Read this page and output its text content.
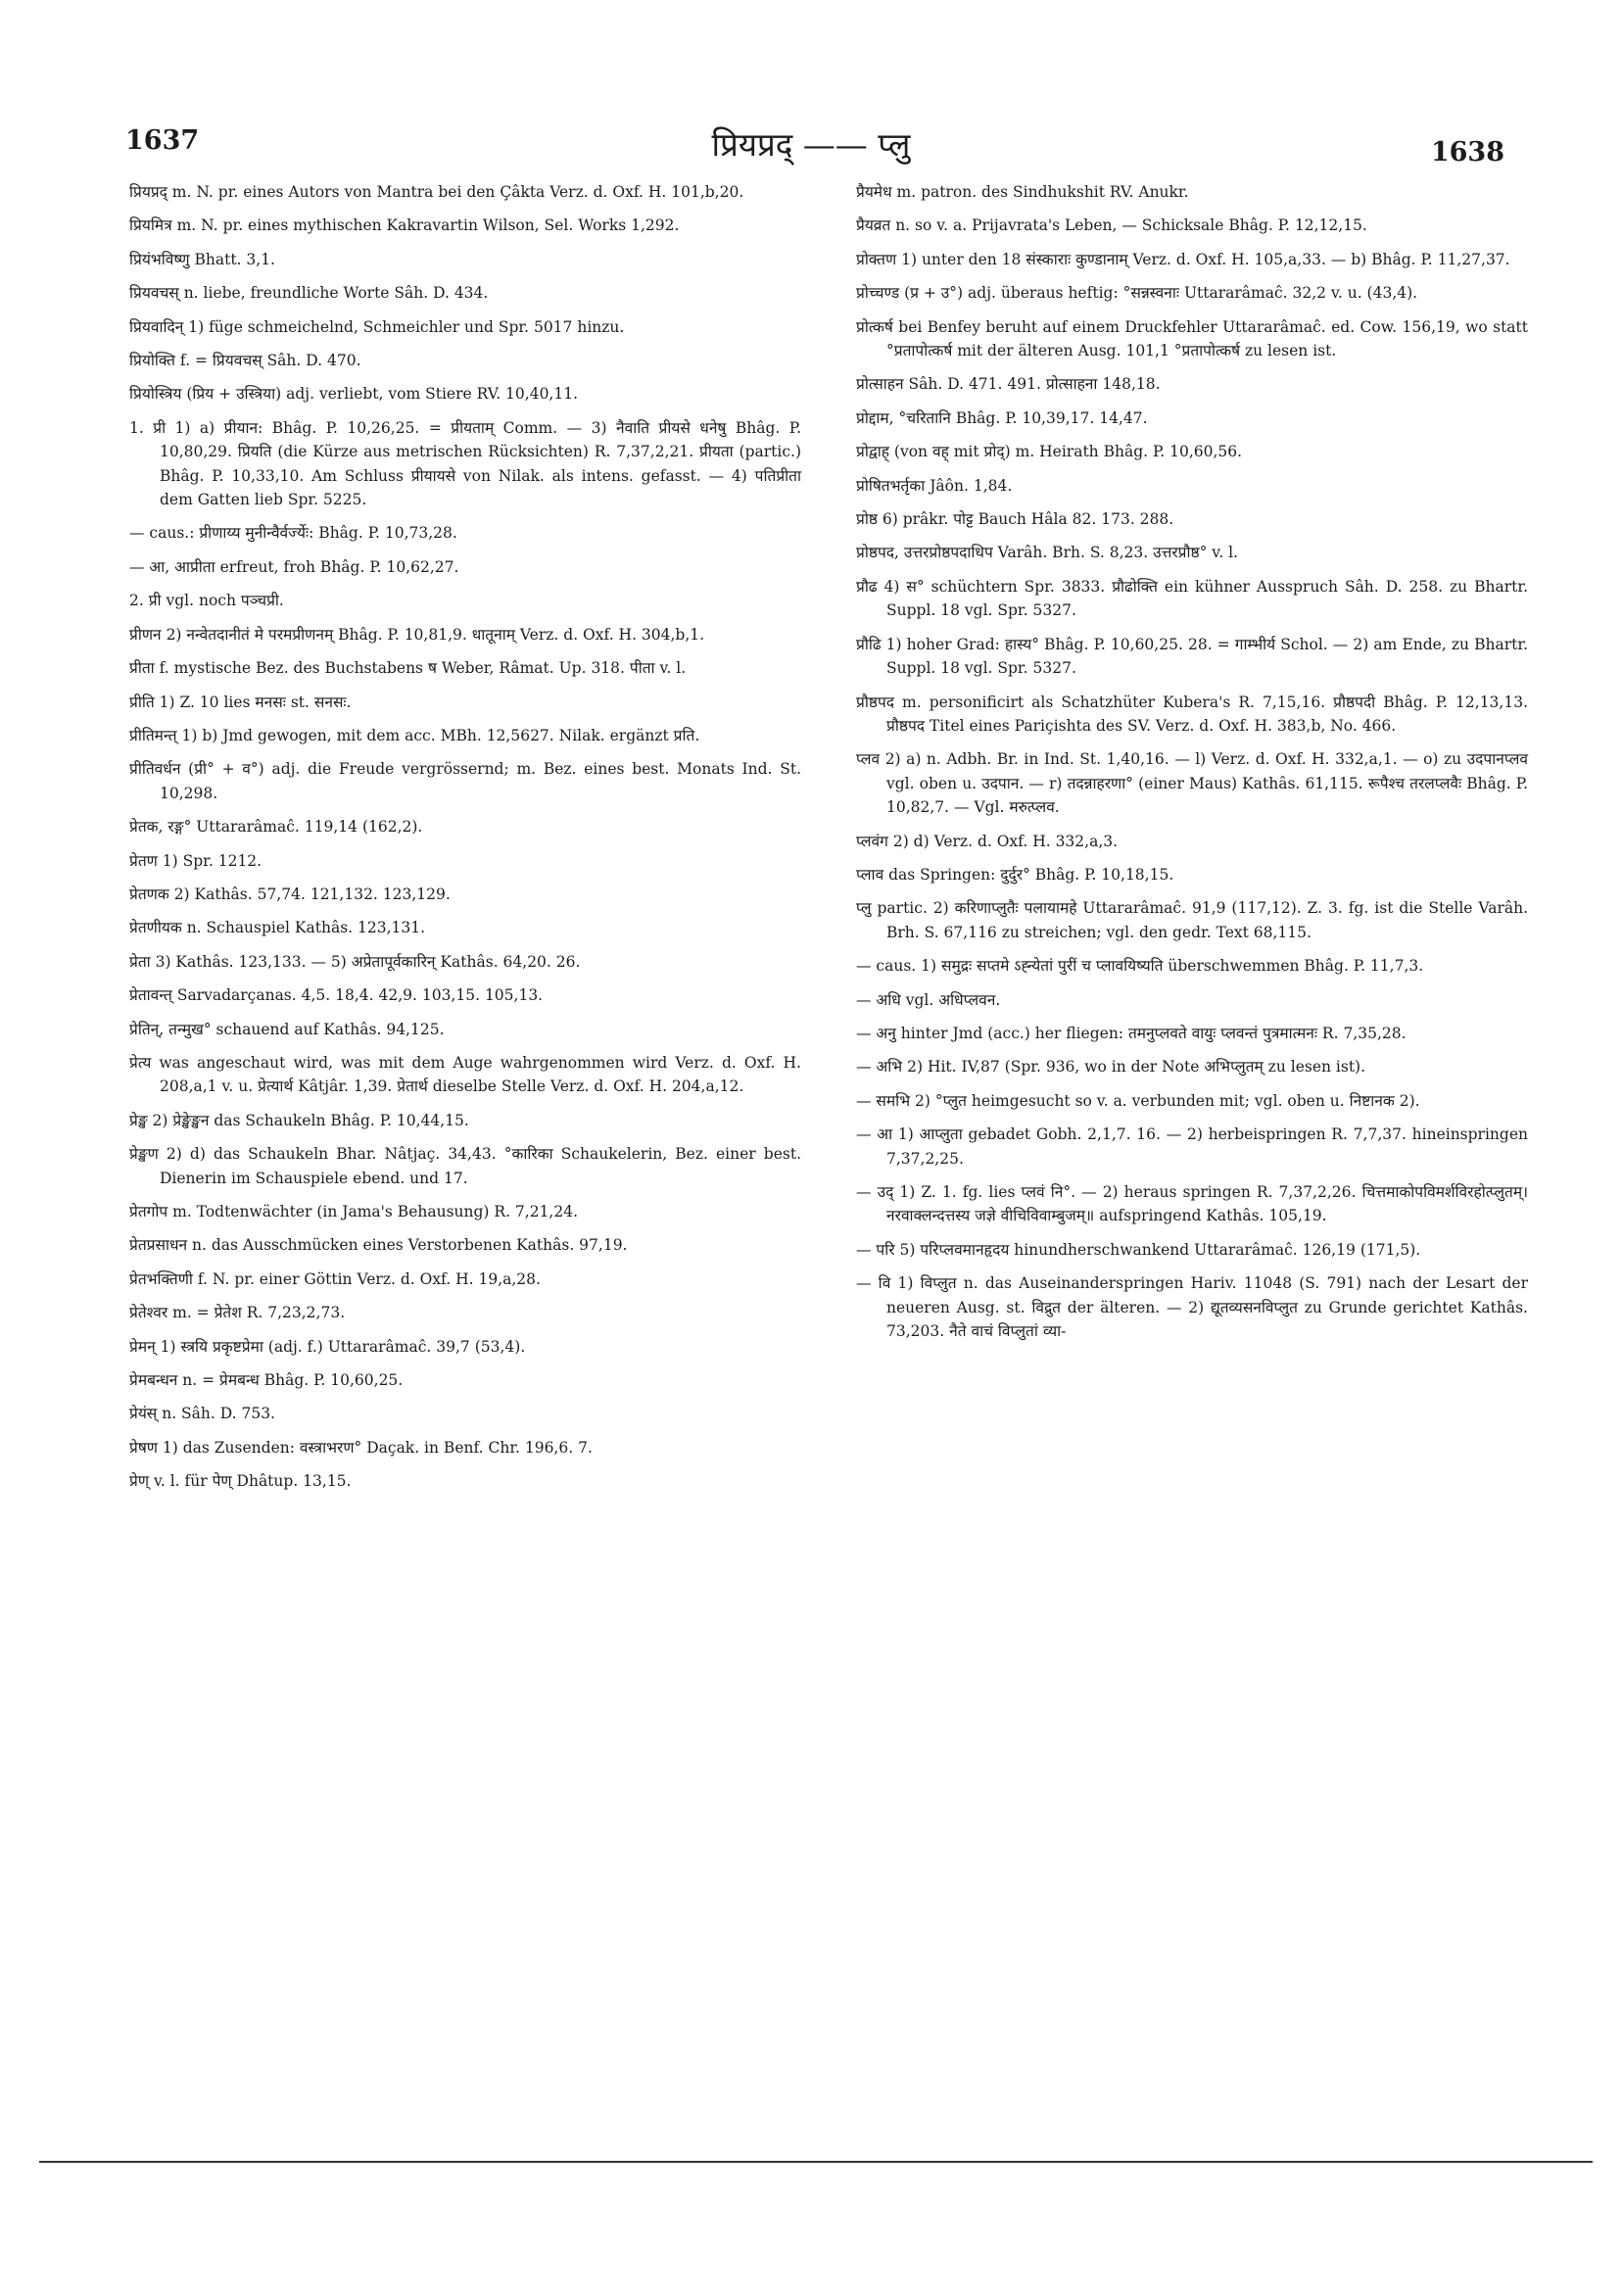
1637	प्रियप्रद् —— प्लु	1638

प्रियप्रद् m. N. pr. eines Autors von Mantra bei den Çâkta Verz. d. Oxf. H. 101,b,20.

प्रियमित्र m. N. pr. eines mythischen Kakravartin Wilson, Sel. Works 1,292.

प्रियंभविष्णु Bhatt. 3,1.

प्रियवचस् n. liebe, freundliche Worte Sâh. D. 434.

प्रियवादिन् 1) füge schmeichelnd, Schmeichler und Spr. 5017 hinzu.

प्रियोक्ति f. = प्रियवचस् Sâh. D. 470.

प्रियोस्त्रिय (प्रिय + उस्त्रिया) adj. verliebt, vom Stiere RV. 10,40,11.

1. प्री 1) a) प्रीयान: Bhâg. P. 10,26,25. = प्रीयताम् Comm. — 3) नैवाति प्रीयसे धनेषु Bhâg. P. 10,80,29. प्रियति (die Kürze aus metrischen Rücksichten) R. 7,37,2,21. प्रीयता (partic.) Bhâg. P. 10,33,10. Am Schluss प्रीयायसे von Nilak. als intens. gefasst. — 4) पतिप्रीता dem Gatten lieb Spr. 5225.

— caus.: प्रीणाय्य मुनीन्वैर्वर्ज्येः: Bhâg. P. 10,73,28.

— आ, आप्रीता erfreut, froh Bhâg. P. 10,62,27.

2. प्री vgl. noch पञ्चप्री.

प्रीणन 2) नन्वेतदानीतं मे परमप्रीणनम् Bhâg. P. 10,81,9. धातूनाम् Verz. d. Oxf. H. 304,b,1.

प्रीता f. mystische Bez. des Buchstabens ष Weber, Râmat. Up. 318. पीता v. l.

प्रीति 1) Z. 10 lies मनसः st. सनसः.

प्रीतिमन्त् 1) b) Jmd gewogen, mit dem acc. MBh. 12,5627. Nilak. ergänzt प्रति.

प्रीतिवर्धन (प्री° + व°) adj. die Freude vergrössernd; m. Bez. eines best. Monats Ind. St. 10,298.

प्रेतक, रङ्ग° Uttararâmaĉ. 119,14 (162,2).

प्रेतण 1) Spr. 1212.

प्रेतणक 2) Kathâs. 57,74. 121,132. 123,129.

प्रेतणीयक n. Schauspiel Kathâs. 123,131.

प्रेता 3) Kathâs. 123,133. — 5) अप्रेतापूर्वकारिन् Kathâs. 64,20. 26.

प्रेतावन्त् Sarvadarçanas. 4,5. 18,4. 42,9. 103,15. 105,13.

प्रेतिन्, तन्मुख° schauend auf Kathâs. 94,125.

प्रेत्य was angeschaut wird, was mit dem Auge wahrgenommen wird Verz. d. Oxf. H. 208,a,1 v. u. प्रेत्यार्थ Kâtjâr. 1,39. प्रेतार्थ dieselbe Stelle Verz. d. Oxf. H. 204,a,12.

प्रेङ्ख 2) प्रेङ्खेङ्खन das Schaukeln Bhâg. P. 10,44,15.

प्रेङ्खण 2) d) das Schaukeln Bhar. Nâtjaç. 34,43. °कारिका Schaukelerin, Bez. einer best. Dienerin im Schauspiele ebend. und 17.

प्रेतगोप m. Todtenwächter (in Jama's Behausung) R. 7,21,24.

प्रेतप्रसाधन n. das Ausschmücken eines Verstorbenen Kathâs. 97,19.

प्रेतभक्तिणी f. N. pr. einer Göttin Verz. d. Oxf. H. 19,a,28.

प्रेतेश्वर m. = प्रेतेश R. 7,23,2,73.

प्रेमन् 1) स्त्रयि प्रकृष्टप्रेमा (adj. f.) Uttararâmaĉ. 39,7 (53,4).

प्रेमबन्धन n. = प्रेमबन्ध Bhâg. P. 10,60,25.

प्रेयंस् n. Sâh. D. 753.

प्रेषण 1) das Zusenden: वस्त्राभरण° Daçak. in Benf. Chr. 196,6. 7.

प्रेण् v. l. für पेण् Dhâtup. 13,15.

प्रैयमेध m. patron. des Sindhukshit RV. Anukr.

प्रैयव्रत n. so v. a. Prijavrata's Leben, — Schicksale Bhâg. P. 12,12,15.

प्रोक्तण 1) unter den 18 संस्काराः कुण्डानाम् Verz. d. Oxf. H. 105,a,33. — b) Bhâg. P. 11,27,37.

प्रोच्चण्ड (प्र + उ°) adj. überaus heftig: °सन्नस्वनाः Uttararâmaĉ. 32,2 v. u. (43,4).

प्रोत्कर्ष bei Benfey beruht auf einem Druckfehler Uttararâmaĉ. ed. Cow. 156,19, wo statt °प्रतापोत्कर्ष mit der älteren Ausg. 101,1 °प्रतापोत्कर्ष zu lesen ist.

प्रोत्साहन Sâh. D. 471. 491. प्रोत्साहना 148,18.

प्रोद्दाम, °चरितानि Bhâg. P. 10,39,17. 14,47.

प्रोद्वाह् (von वह् mit प्रोद्) m. Heirath Bhâg. P. 10,60,56.

प्रोषितभर्तृका Jâôn. 1,84.

प्रोष्ठ 6) prâkr. पोट्ट Bauch Hâla 82. 173. 288.

प्रोष्ठपद, उत्तरप्रोष्ठपदाधिप Varâh. Brh. S. 8,23. उत्तरप्रौष्ठ° v. l.

प्रौढ 4) स° schüchtern Spr. 3833. प्रौढोक्ति ein kühner Ausspruch Sâh. D. 258. zu Bhartr. Suppl. 18 vgl. Spr. 5327.

प्रौढि 1) hoher Grad: हास्य° Bhâg. P. 10,60,25. 28. = गाम्भीर्य Schol. — 2) am Ende, zu Bhartr. Suppl. 18 vgl. Spr. 5327.

प्रौष्ठपद m. personificirt als Schatzhüter Kubera's R. 7,15,16. प्रौष्ठपदी Bhâg. P. 12,13,13. प्रौष्ठपद Titel eines Pariçishta des SV. Verz. d. Oxf. H. 383,b, No. 466.

प्लव 2) a) n. Adbh. Br. in Ind. St. 1,40,16. — l) Verz. d. Oxf. H. 332,a,1. — o) zu उदपानप्लव vgl. oben u. उदपान. — r) तदन्नाहरणा° (einer Maus) Kathâs. 61,115. रूपैश्च तरलप्लवैः Bhâg. P. 10,82,7. — Vgl. मरुत्प्लव.

प्लवंग 2) d) Verz. d. Oxf. H. 332,a,3.

प्लाव das Springen: दुर्दुर° Bhâg. P. 10,18,15.

प्लु partic. 2) करिणाप्लुतैः पलायामहे Uttararâmaĉ. 91,9 (117,12). Z. 3. fg. ist die Stelle Varâh. Brh. S. 67,116 zu streichen; vgl. den gedr. Text 68,115.

— caus. 1) समुद्रः सप्तमे ऽह्न्येतां पुरीं च प्लावयिष्यति überschwemmen Bhâg. P. 11,7,3.

— अधि vgl. अधिप्लवन.

— अनु hinter Jmd (acc.) her fliegen: तमनुप्लवते वायुः प्लवन्तं पुत्रमात्मनः R. 7,35,28.

— अभि 2) Hit. IV,87 (Spr. 936, wo in der Note अभिप्लुतम् zu lesen ist).

— समभि 2) °प्लुत heimgesucht so v. a. verbunden mit; vgl. oben u. निष्टानक 2).

— आ 1) आप्लुता gebadet Gobh. 2,1,7. 16. — 2) herbeispringen R. 7,7,37. hineinspringen 7,37,2,25.

— उद् 1) Z. 1. fg. lies प्लवं नि°. — 2) heraus springen R. 7,37,2,26. चित्तमाकोपविमर्शविरहोत्प्लुतम्। नरवाक्लन्दत्तस्य जज्ञे वीचिविवाम्बुजम्॥ aufspringend Kathâs. 105,19.

— परि 5) परिप्लवमानहृदय hinundherschwankend Uttararâmaĉ. 126,19 (171,5).

— वि 1) विप्लुत n. das Auseinanderspringen Hariv. 11048 (S. 791) nach der Lesart der neueren Ausg. st. विद्रुत der älteren. — 2) द्यूतव्यसनविप्लुत zu Grunde gerichtet Kathâs. 73,203. नैते वाचं विप्लुतां व्या-
